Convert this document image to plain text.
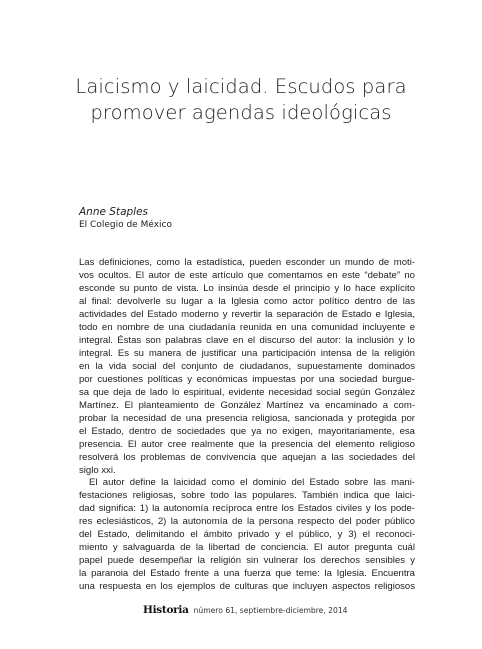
Laicismo y laicidad. Escudos para
promover agendas ideológicas
Anne Staples
El Colegio de México
Las definiciones, como la estadística, pueden esconder un mundo de moti-
vos ocultos. El autor de este artículo que comentamos en este “debate” no
esconde su punto de vista. Lo insinúa desde el principio y lo hace explícito
al final: devolverle su lugar a la Iglesia como actor político dentro de las
actividades del Estado moderno y revertir la separación de Estado e Iglesia,
todo en nombre de una ciudadanía reunida en una comunidad incluyente e
integral. Éstas son palabras clave en el discurso del autor: la inclusión y lo
integral. Es su manera de justificar una participación intensa de la religión
en la vida social del conjunto de ciudadanos, supuestamente dominados
por cuestiones políticas y económicas impuestas por una sociedad burgue-
sa que deja de lado lo espiritual, evidente necesidad social según González
Martínez. El planteamiento de González Martínez va encaminado a com-
probar la necesidad de una presencia religiosa, sancionada y protegida por
el Estado, dentro de sociedades que ya no exigen, mayoritariamente, esa
presencia. El autor cree realmente que la presencia del elemento religioso
resolverá los problemas de convivencia que aquejan a las sociedades del
siglo xxi.
El autor define la laicidad como el dominio del Estado sobre las mani-
festaciones religiosas, sobre todo las populares. También indica que laici-
dad significa: 1) la autonomía recíproca entre los Estados civiles y los pode-
res eclesiásticos, 2) la autonomía de la persona respecto del poder público
del Estado, delimitando el ámbito privado y el público, y 3) el reconoci-
miento y salvaguarda de la libertad de conciencia. El autor pregunta cuál
papel puede desempeñar la religión sin vulnerar los derechos sensibles y
la paranoia del Estado frente a una fuerza que teme: la Iglesia. Encuentra
una respuesta en los ejemplos de culturas que incluyen aspectos religiosos
Historia número 61, septiembre-diciembre, 2014
